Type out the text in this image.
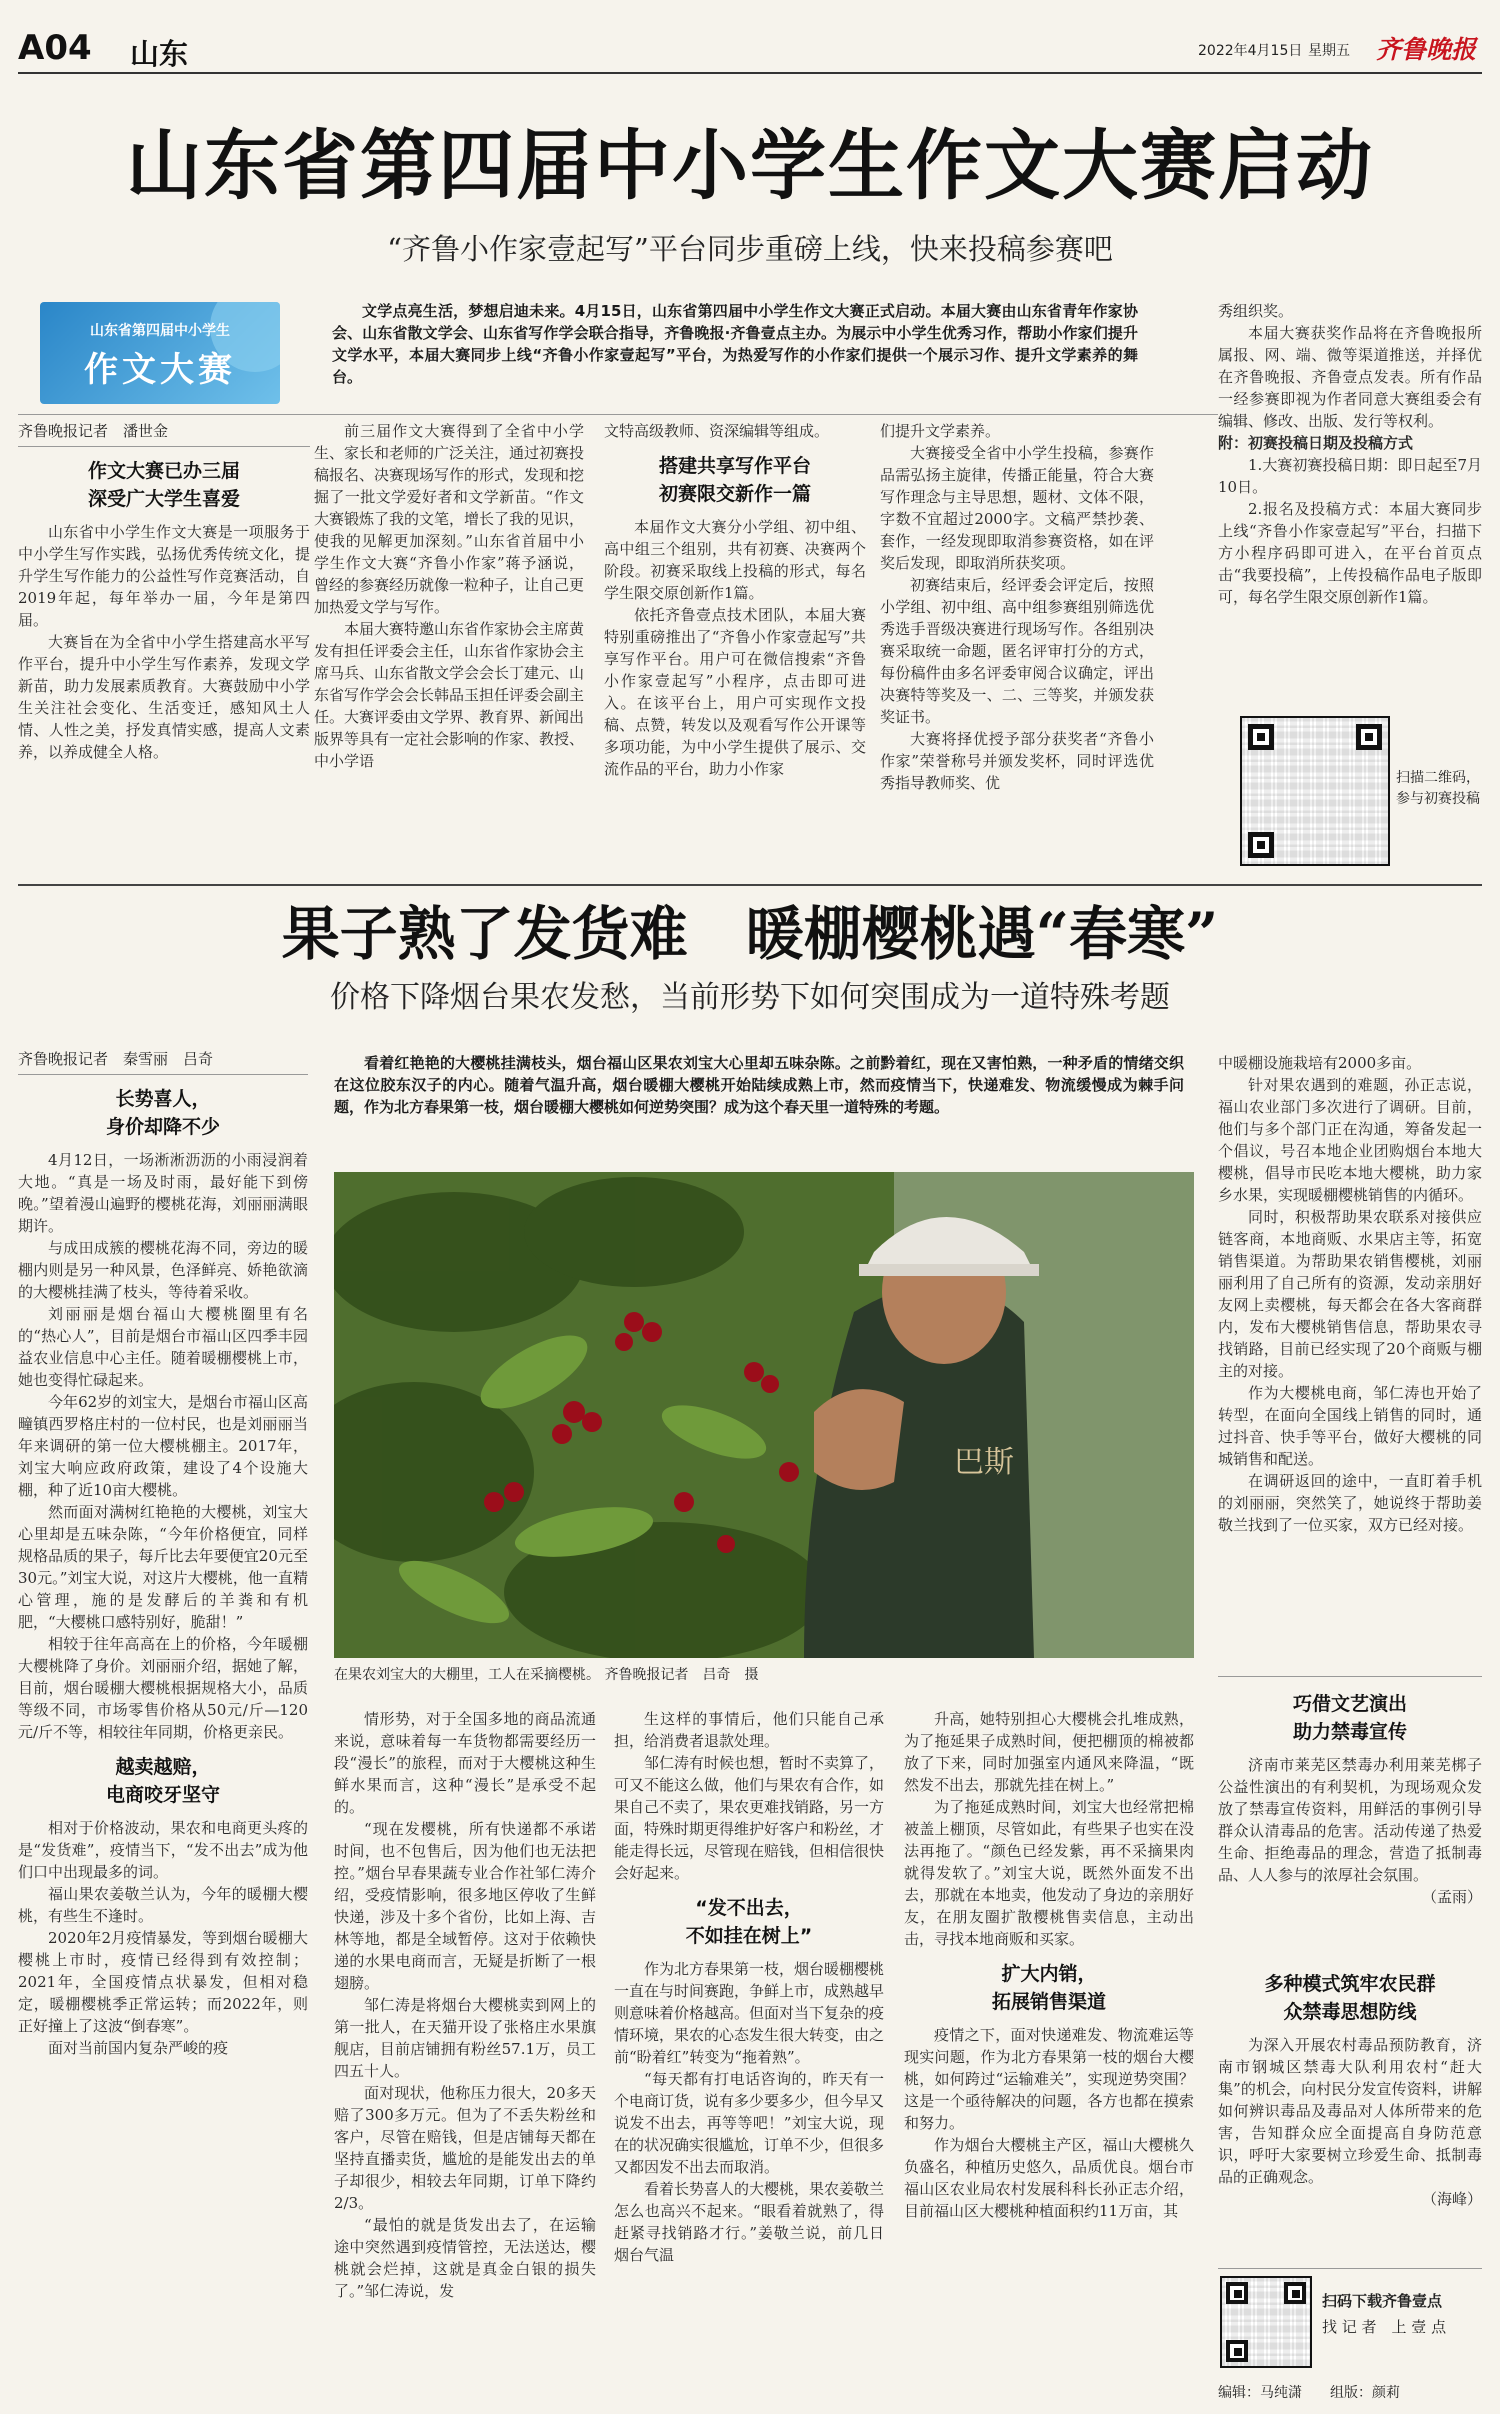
A04 山东	2022年4月15日 星期五 齐鲁晚报
山东省第四届中小学生作文大赛启动
“齐鲁小作家壹起写”平台同步重磅上线，快来投稿参赛吧
山东省第四届中小学生
作文大赛
文学点亮生活，梦想启迪未来。4月15日，山东省第四届中小学生作文大赛正式启动。本届大赛由山东省青年作家协会、山东省散文学会、山东省写作学会联合指导，齐鲁晚报·齐鲁壹点主办。为展示中小学生优秀习作，帮助小作家们提升文学水平，本届大赛同步上线“齐鲁小作家壹起写”平台，为热爱写作的小作家们提供一个展示习作、提升文学素养的舞台。
齐鲁晚报记者　潘世金
作文大赛已办三届
深受广大学生喜爱

山东省中小学生作文大赛是一项服务于中小学生写作实践，弘扬优秀传统文化，提升学生写作能力的公益性写作竞赛活动，自2019年起，每年举办一届，今年是第四届。

大赛旨在为全省中小学生搭建高水平写作平台，提升中小学生写作素养，发现文学新苗，助力发展素质教育。大赛鼓励中小学生关注社会变化、生活变迁，感知风土人情、人性之美，抒发真情实感，提高人文素养，以养成健全人格。

前三届作文大赛得到了全省中小学生、家长和老师的广泛关注，通过初赛投稿报名、决赛现场写作的形式，发现和挖掘了一批文学爱好者和文学新苗。“作文大赛锻炼了我的文笔，增长了我的见识，使我的见解更加深刻。”山东省首届中小学生作文大赛“齐鲁小作家”蒋予涵说，曾经的参赛经历就像一粒种子，让自己更加热爱文学与写作。

本届大赛特邀山东省作家协会主席黄发有担任评委会主任，山东省作家协会主席马兵、山东省散文学会会长丁建元、山东省写作学会会长韩品玉担任评委会副主任。大赛评委由文学界、教育界、新闻出版界等具有一定社会影响的作家、教授、中小学语

文特高级教师、资深编辑等组成。
搭建共享写作平台
初赛限交新作一篇

本届作文大赛分小学组、初中组、高中组三个组别，共有初赛、决赛两个阶段。初赛采取线上投稿的形式，每名学生限交原创新作1篇。

依托齐鲁壹点技术团队，本届大赛特别重磅推出了“齐鲁小作家壹起写”共享写作平台。用户可在微信搜索“齐鲁小作家壹起写”小程序，点击即可进入。在该平台上，用户可实现作文投稿、点赞，转发以及观看写作公开课等多项功能，为中小学生提供了展示、交流作品的平台，助力小作家

们提升文学素养。

大赛接受全省中小学生投稿，参赛作品需弘扬主旋律，传播正能量，符合大赛写作理念与主导思想，题材、文体不限，字数不宜超过2000字。文稿严禁抄袭、套作，一经发现即取消参赛资格，如在评奖后发现，即取消所获奖项。

初赛结束后，经评委会评定后，按照小学组、初中组、高中组参赛组别筛选优秀选手晋级决赛进行现场写作。各组别决赛采取统一命题，匿名评审打分的方式，每份稿件由多名评委审阅合议确定，评出决赛特等奖及一、二、三等奖，并颁发获奖证书。

大赛将择优授予部分获奖者“齐鲁小作家”荣誉称号并颁发奖杯，同时评选优秀指导教师奖、优

秀组织奖。

本届大赛获奖作品将在齐鲁晚报所属报、网、端、微等渠道推送，并择优在齐鲁晚报、齐鲁壹点发表。所有作品一经参赛即视为作者同意大赛组委会有编辑、修改、出版、发行等权利。

附：初赛投稿日期及投稿方式

1.大赛初赛投稿日期：即日起至7月10日。

2.报名及投稿方式：本届大赛同步上线“齐鲁小作家壹起写”平台，扫描下方小程序码即可进入，在平台首页点击“我要投稿”，上传投稿作品电子版即可，每名学生限交原创新作1篇。

扫描二维码，参与初赛投稿
果子熟了发货难　暖棚樱桃遇“春寒”
价格下降烟台果农发愁，当前形势下如何突围成为一道特殊考题
齐鲁晚报记者　秦雪丽　吕奇
长势喜人，
身价却降不少

4月12日，一场淅淅沥沥的小雨浸润着大地。“真是一场及时雨，最好能下到傍晚。”望着漫山遍野的樱桃花海，刘丽丽满眼期许。

与成田成簇的樱桃花海不同，旁边的暖棚内则是另一种风景，色泽鲜亮、娇艳欲滴的大樱桃挂满了枝头，等待着采收。

刘丽丽是烟台福山大樱桃圈里有名的“热心人”，目前是烟台市福山区四季丰园益农业信息中心主任。随着暖棚樱桃上市，她也变得忙碌起来。

今年62岁的刘宝大，是烟台市福山区高疃镇西罗格庄村的一位村民，也是刘丽丽当年来调研的第一位大樱桃棚主。2017年，刘宝大响应政府政策，建设了4个设施大棚，种了近10亩大樱桃。

然而面对满树红艳艳的大樱桃，刘宝大心里却是五味杂陈，“今年价格便宜，同样规格品质的果子，每斤比去年要便宜20元至30元。”刘宝大说，对这片大樱桃，他一直精心管理，施的是发酵后的羊粪和有机肥，“大樱桃口感特别好，脆甜！”

相较于往年高高在上的价格，今年暖棚大樱桃降了身价。刘丽丽介绍，据她了解，目前，烟台暖棚大樱桃根据规格大小，品质等级不同，市场零售价格从50元/斤—120元/斤不等，相较往年同期，价格更亲民。

越卖越赔，
电商咬牙坚守

相对于价格波动，果农和电商更头疼的是“发货难”，疫情当下，“发不出去”成为他们口中出现最多的词。

福山果农姜敬兰认为，今年的暖棚大樱桃，有些生不逢时。

2020年2月疫情暴发，等到烟台暖棚大樱桃上市时，疫情已经得到有效控制；2021年，全国疫情点状暴发，但相对稳定，暖棚樱桃季正常运转；而2022年，则正好撞上了这波“倒春寒”。

面对当前国内复杂严峻的疫

看着红艳艳的大樱桃挂满枝头，烟台福山区果农刘宝大心里却五味杂陈。之前黔着红，现在又害怕熟，一种矛盾的情绪交织在这位胶东汉子的内心。随着气温升高，烟台暖棚大樱桃开始陆续成熟上市，然而疫情当下，快递难发、物流缓慢成为棘手问题，作为北方春果第一枝，烟台暖棚大樱桃如何逆势突围？成为这个春天里一道特殊的考题。
巴斯
在果农刘宝大的大棚里，工人在采摘樱桃。 齐鲁晚报记者　吕奇　摄

情形势，对于全国多地的商品流通来说，意味着每一车货物都需要经历一段“漫长”的旅程，而对于大樱桃这种生鲜水果而言，这种“漫长”是承受不起的。

“现在发樱桃，所有快递都不承诺时间，也不包售后，因为他们也无法把控。”烟台早春果蔬专业合作社邹仁涛介绍，受疫情影响，很多地区停收了生鲜快递，涉及十多个省份，比如上海、吉林等地，都是全域暂停。这对于依赖快递的水果电商而言，无疑是折断了一根翅膀。

邹仁涛是将烟台大樱桃卖到网上的第一批人，在天猫开设了张格庄水果旗舰店，目前店铺拥有粉丝57.1万，员工四五十人。

面对现状，他称压力很大，20多天赔了300多万元。但为了不丢失粉丝和客户，尽管在赔钱，但是店铺每天都在坚持直播卖货，尴尬的是能发出去的单子却很少，相较去年同期，订单下降约2/3。

“最怕的就是货发出去了，在运输途中突然遇到疫情管控，无法送达，樱桃就会烂掉，这就是真金白银的损失了。”邹仁涛说，发

生这样的事情后，他们只能自己承担，给消费者退款处理。

邹仁涛有时候也想，暂时不卖算了，可又不能这么做，他们与果农有合作，如果自己不卖了，果农更难找销路，另一方面，特殊时期更得维护好客户和粉丝，才能走得长远，尽管现在赔钱，但相信很快会好起来。

“发不出去，
不如挂在树上”

作为北方春果第一枝，烟台暖棚樱桃一直在与时间赛跑，争鲜上市，成熟越早则意味着价格越高。但面对当下复杂的疫情环境，果农的心态发生很大转变，由之前“盼着红”转变为“拖着熟”。

“每天都有打电话咨询的，昨天有一个电商订货，说有多少要多少，但今早又说发不出去，再等等吧！”刘宝大说，现在的状况确实很尴尬，订单不少，但很多又都因发不出去而取消。

看着长势喜人的大樱桃，果农姜敬兰怎么也高兴不起来。“眼看着就熟了，得赶紧寻找销路才行。”姜敬兰说，前几日烟台气温

升高，她特别担心大樱桃会扎堆成熟，为了拖延果子成熟时间，便把棚顶的棉被都放了下来，同时加强室内通风来降温，“既然发不出去，那就先挂在树上。”

为了拖延成熟时间，刘宝大也经常把棉被盖上棚顶，尽管如此，有些果子也实在没法再拖了。“颜色已经发紫，再不采摘果肉就得发软了。”刘宝大说，既然外面发不出去，那就在本地卖，他发动了身边的亲朋好友，在朋友圈扩散樱桃售卖信息，主动出击，寻找本地商贩和买家。

扩大内销，
拓展销售渠道

疫情之下，面对快递难发、物流难运等现实问题，作为北方春果第一枝的烟台大樱桃，如何跨过“运输难关”，实现逆势突围？这是一个亟待解决的问题，各方也都在摸索和努力。

作为烟台大樱桃主产区，福山大樱桃久负盛名，种植历史悠久，品质优良。烟台市福山区农业局农村发展科科长孙正志介绍，目前福山区大樱桃种植面积约11万亩，其

中暖棚设施栽培有2000多亩。

针对果农遇到的难题，孙正志说，福山农业部门多次进行了调研。目前，他们与多个部门正在沟通，筹备发起一个倡议，号召本地企业团购烟台本地大樱桃，倡导市民吃本地大樱桃，助力家乡水果，实现暖棚樱桃销售的内循环。

同时，积极帮助果农联系对接供应链客商，本地商贩、水果店主等，拓宽销售渠道。为帮助果农销售樱桃，刘丽丽利用了自己所有的资源，发动亲朋好友网上卖樱桃，每天都会在各大客商群内，发布大樱桃销售信息，帮助果农寻找销路，目前已经实现了20个商贩与棚主的对接。

作为大樱桃电商，邹仁涛也开始了转型，在面向全国线上销售的同时，通过抖音、快手等平台，做好大樱桃的同城销售和配送。

在调研返回的途中，一直盯着手机的刘丽丽，突然笑了，她说终于帮助姜敬兰找到了一位买家，双方已经对接。

巧借文艺演出
助力禁毒宣传

济南市莱芜区禁毒办利用莱芜梆子公益性演出的有利契机，为现场观众发放了禁毒宣传资料，用鲜活的事例引导群众认清毒品的危害。活动传递了热爱生命、拒绝毒品的理念，营造了抵制毒品、人人参与的浓厚社会氛围。

（孟雨）
多种模式筑牢农民群
众禁毒思想防线

为深入开展农村毒品预防教育，济南市钢城区禁毒大队利用农村“赶大集”的机会，向村民分发宣传资料，讲解如何辨识毒品及毒品对人体所带来的危害，告知群众应全面提高自身防范意识，呼吁大家要树立珍爱生命、抵制毒品的正确观念。

（海峰）
扫码下载齐鲁壹点
找 记 者　上 壹 点
编辑：马纯潇 组版：颜莉
